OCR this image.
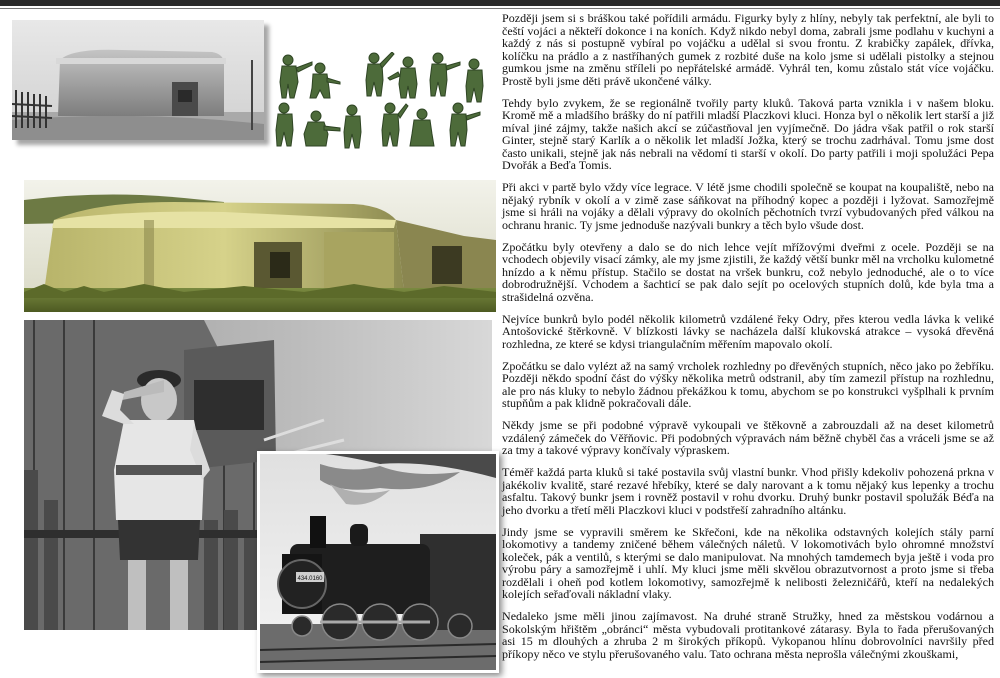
434.0160

Později jsem si s bráškou také pořídili armádu. Figurky byly z hlíny, nebyly tak perfektní, ale byli to čeští vojáci a někteří dokonce i na koních. Když nikdo nebyl doma, zabrali jsme podlahu v kuchyni a každý z nás si postupně vybíral po vojáčku a udělal si svou frontu. Z krabičky zapálek, dřívka, kolíčku na prádlo a z nastříhaných gumek z rozbité duše na kolo jsme si udělali pistolky a stejnou gumkou jsme na změnu stříleli po nepřátelské armádě. Vyhrál ten, komu zůstalo stát více vojáčku. Prostě byli jsme děti právě ukončené války.

Tehdy bylo zvykem, že se regionálně tvořily party kluků. Taková parta vznikla i v našem bloku. Kromě mě a mladšího brášky do ní patřili mladší Placzkovi kluci. Honza byl o několik lert starší a již míval jiné zájmy, takže našich akcí se zúčastňoval jen vyjímečně. Do jádra však patřil o rok starší Ginter, stejně starý Karlík a o několik let mladší Jožka, který se trochu zadrhával. Tomu jsme dost často unikali, stejně jak nás nebrali na vědomí ti starší v okolí. Do party patřili i moji spolužáci Pepa Dvořák a Beďa Tomis.

Při akci v partě bylo vždy více legrace. V létě jsme chodili společně se koupat na koupaliště, nebo na nějaký rybník v okolí a v zimě zase sáňkovat na příhodný kopec a později i lyžovat. Samozřejmě jsme si hráli na vojáky a dělali výpravy do okolních pěchotních tvrzí vybudovaných před válkou na ochranu hranic. Ty jsme jednoduše nazývali bunkry a těch bylo všude dost.

Zpočátku byly otevřeny a dalo se do nich lehce vejít mřížovými dveřmi z ocele. Později se na vchodech objevily visací zámky, ale my jsme zjistili, že každý větší bunkr měl na vrcholku kulometné hnízdo a k němu přístup. Stačilo se dostat na vršek bunkru, což nebylo jednoduché, ale o to více dobrodružnější. Vchodem a šachticí se pak dalo sejít po ocelových stupních dolů, kde byla tma a strašidelná ozvěna.

Nejvíce bunkrů bylo podél několik kilometrů vzdálené řeky Odry, přes kterou vedla lávka k veliké Antošovické štěrkovně. V blízkosti lávky se nacházela další klukovská atrakce – vysoká dřevěná rozhledna, ze které se kdysi triangulačním měřením mapovalo okolí.

Zpočátku se dalo vylézt až na samý vrcholek rozhledny po dřevěných stupních, něco jako po žebříku. Později někdo spodní část do výšky několika metrů odstranil, aby tím zamezil přístup na rozhlednu, ale pro nás kluky to nebylo žádnou překážkou k tomu, abychom se po konstrukci vyšplhali k prvním stupňům a pak klidně pokračovali dále.

Někdy jsme se při podobné výpravě vykoupali ve štěkovně a zabrouzdali až na deset kilometrů vzdálený zámeček do Věřňovic. Při podobných výpravách nám běžně chyběl čas a vráceli jsme se až za tmy a takové výpravy končívaly výpraskem.

Téměř každá parta kluků si také postavila svůj vlastní bunkr. Vhod přišly kdekoliv pohozená prkna v jakékoliv kvalitě, staré rezavé hřebíky, které se daly narovant a k tomu nějaký kus lepenky a trochu asfaltu. Takový bunkr jsem i rovněž postavil v rohu dvorku. Druhý bunkr postavil spolužák Béďa na jeho dvorku a třetí měli Placzkovi kluci v podstřeší zahradního altánku.

Jindy jsme se vypravili směrem ke Skřečoni, kde na několika odstavných kolejích stály parní lokomotivy a tandemy zničené během válečných náletů. V lokomotivách bylo ohromné množství koleček, pák a ventilů, s kterými se dalo manipulovat. Na mnohých tamdemech byja ještě i voda pro výrobu páry a samozřejmě i uhlí. My kluci jsme měli skvělou obrazutvornost a proto jsme si třeba rozdělali i oheň pod kotlem lokomotivy, samozřejmě k nelibosti železničářů, kteří na nedalekých kolejích seřaďovali nákladní vlaky.

Nedaleko jsme měli jinou zajímavost. Na druhé straně Stružky, hned za městskou vodárnou a Sokolským hřištěm „obránci“ města vybudovali protitankové zátarasy. Byla to řada přerušovaných asi 15 m dlouhých a zhruba 2 m širokých příkopů. Vykopanou hlínu dobrovolníci navršily před příkopy něco ve stylu přerušovaného valu. Tato ochrana města neprošla válečnými zkouškami,
